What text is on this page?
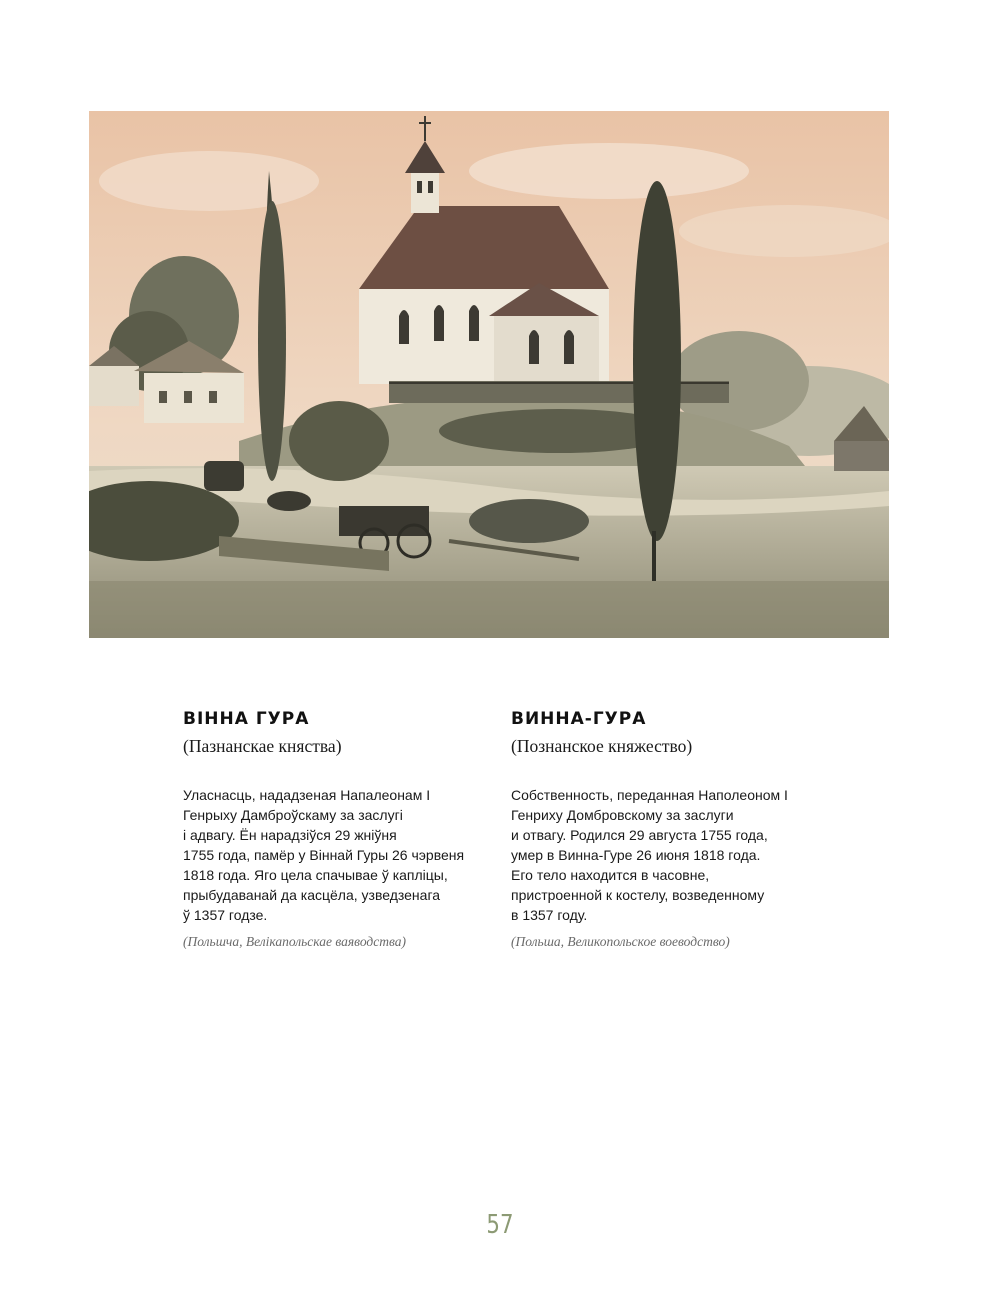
ВІННА ГУРА

(Пазнанскае княства)

Уласнасць, нададзеная Напалеонам І
Генрыху Дамброўскаму за заслугі
і адвагу. Ён нарадзіўся 29 жніўня
1755 года, памёр у Віннай Гуры 26 чэрвеня
1818 года. Яго цела спачывае ў капліцы,
прыбудаванай да касцёла, узведзенага
ў 1357 годзе.

(Польшча, Велікапольскае ваяводства)

ВИННА-ГУРА

(Познанское княжество)

Собственность, переданная Наполеоном I
Генриху Домбровскому за заслуги
и отвагу. Родился 29 августа 1755 года,
умер в Винна-Гуре 26 июня 1818 года.
Его тело находится в часовне,
пристроенной к костелу, возведенному
в 1357 году.

(Польша, Великопольское воеводство)

57
